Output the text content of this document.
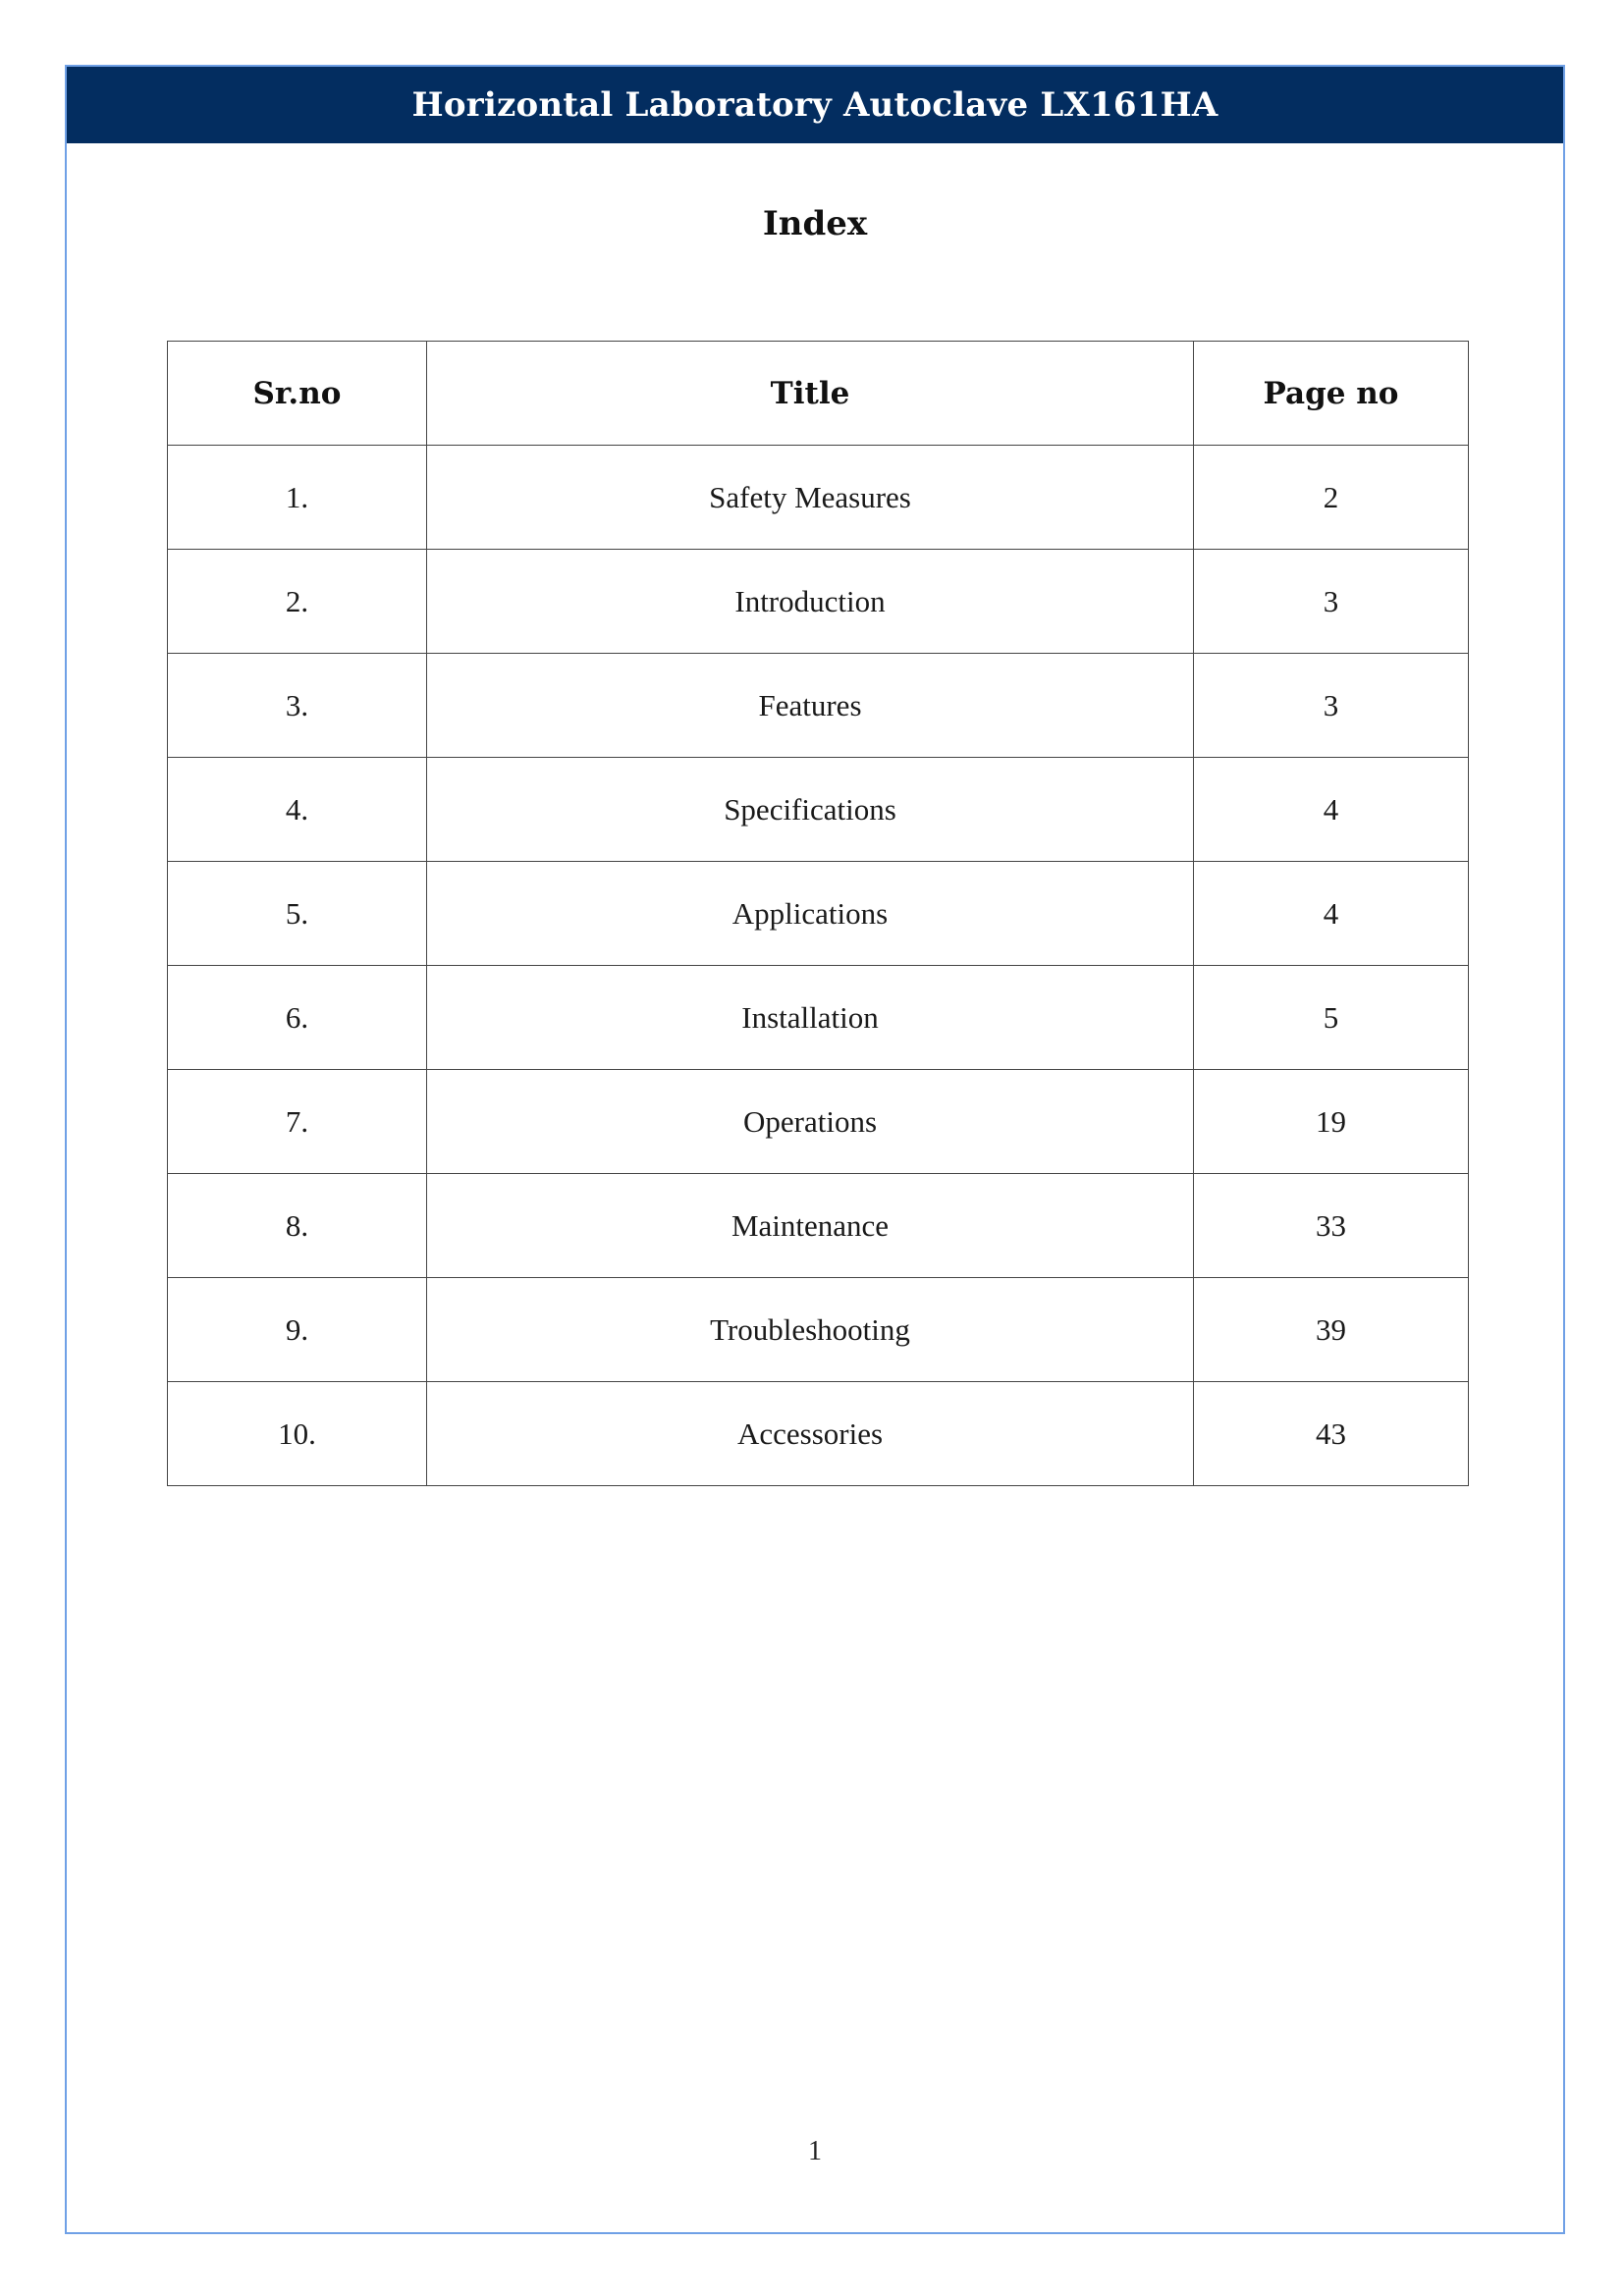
Horizontal Laboratory Autoclave LX161HA
Index
Sr.no	Title	Page no
1.	Safety Measures	2
2.	Introduction	3
3.	Features	3
4.	Specifications	4
5.	Applications	4
6.	Installation	5
7.	Operations	19
8.	Maintenance	33
9.	Troubleshooting	39
10.	Accessories	43
1
